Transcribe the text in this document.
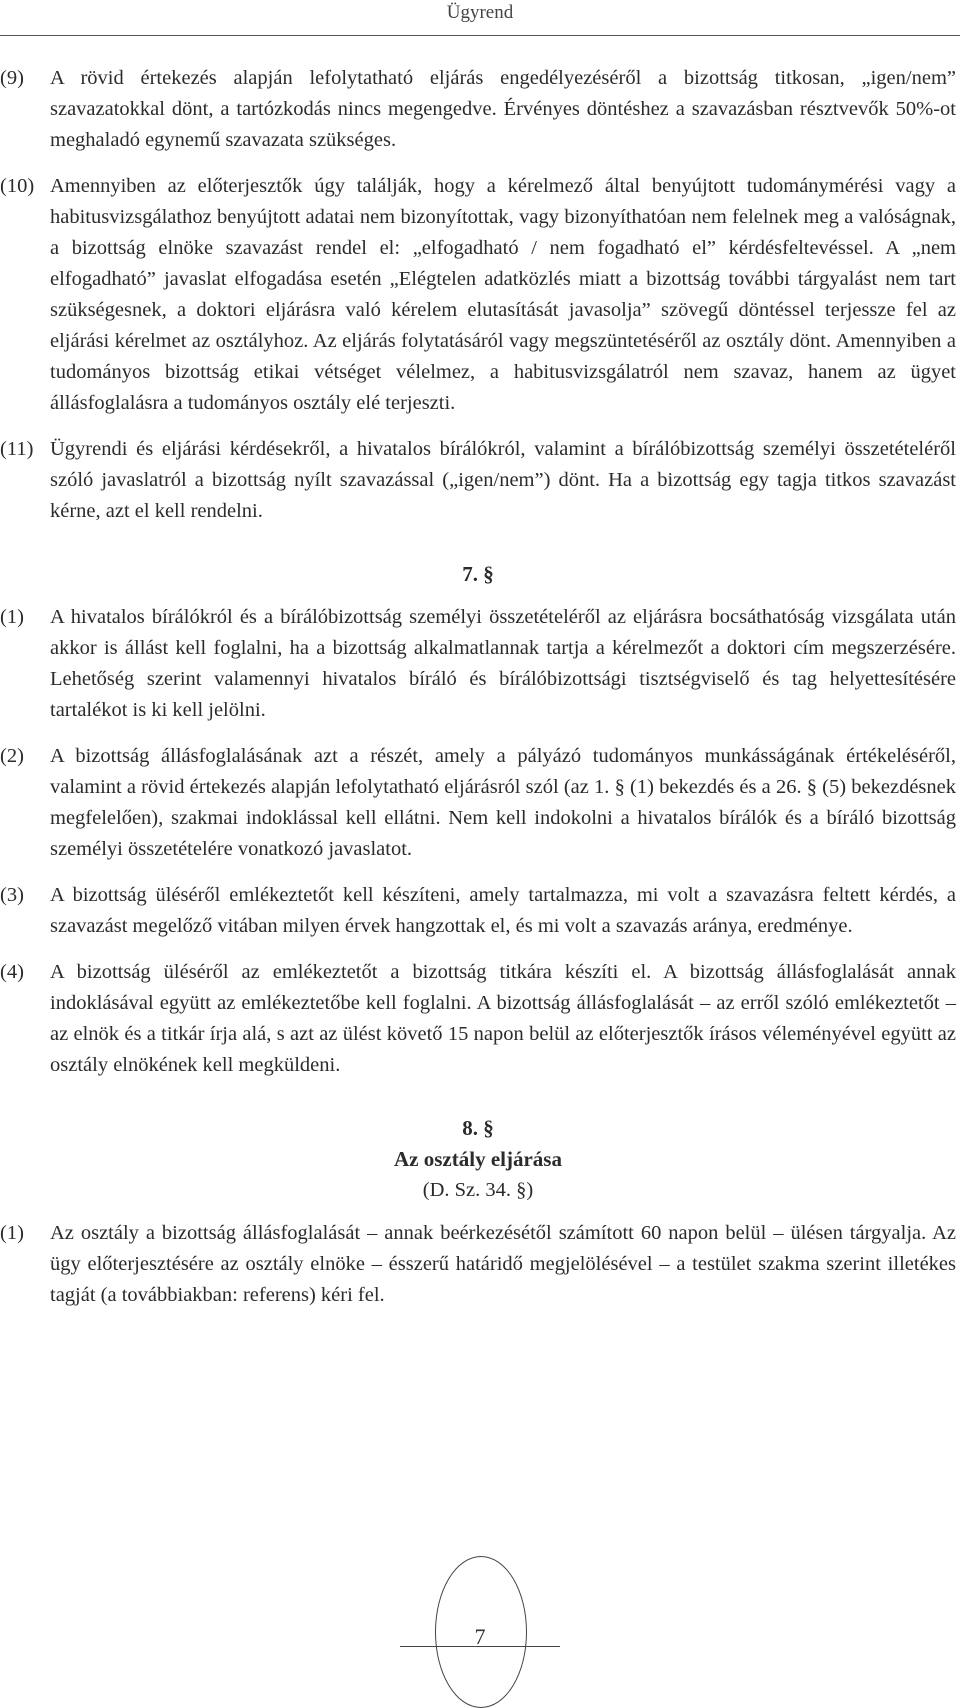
Ügyrend

(9) A rövid értekezés alapján lefolytatható eljárás engedélyezéséről a bizottság titkosan, „igen/nem” szavazatokkal dönt, a tartózkodás nincs megengedve. Érvényes döntéshez a szavazásban résztvevők 50%-ot meghaladó egynemű szavazata szükséges.

(10) Amennyiben az előterjesztők úgy találják, hogy a kérelmező által benyújtott tudománymérési vagy a habitusvizsgálathoz benyújtott adatai nem bizonyítottak, vagy bizonyíthatóan nem felelnek meg a valóságnak, a bizottság elnöke szavazást rendel el: „elfogadható / nem fogadható el” kérdésfeltevéssel. A „nem elfogadható” javaslat elfogadása esetén „Elégtelen adatközlés miatt a bizottság további tárgyalást nem tart szükségesnek, a doktori eljárásra való kérelem elutasítását javasolja” szövegű döntéssel terjessze fel az eljárási kérelmet az osztályhoz. Az eljárás folytatásáról vagy megszüntetéséről az osztály dönt. Amennyiben a tudományos bizottság etikai vétséget vélelmez, a habitusvizsgálatról nem szavaz, hanem az ügyet állásfoglalásra a tudományos osztály elé terjeszti.

(11) Ügyrendi és eljárási kérdésekről, a hivatalos bírálókról, valamint a bírálóbizottság személyi összetételéről szóló javaslatról a bizottság nyílt szavazással („igen/nem”) dönt. Ha a bizottság egy tagja titkos szavazást kérne, azt el kell rendelni.

7. §

(1) A hivatalos bírálókról és a bírálóbizottság személyi összetételéről az eljárásra bocsáthatóság vizsgálata után akkor is állást kell foglalni, ha a bizottság alkalmatlannak tartja a kérelmezőt a doktori cím megszerzésére. Lehetőség szerint valamennyi hivatalos bíráló és bírálóbizottsági tisztségviselő és tag helyettesítésére tartalékot is ki kell jelölni.

(2) A bizottság állásfoglalásának azt a részét, amely a pályázó tudományos munkásságának értékeléséről, valamint a rövid értekezés alapján lefolytatható eljárásról szól (az 1. § (1) bekezdés és a 26. § (5) bekezdésnek megfelelően), szakmai indoklással kell ellátni. Nem kell indokolni a hivatalos bírálók és a bíráló bizottság személyi összetételére vonatkozó javaslatot.

(3) A bizottság üléséről emlékeztetőt kell készíteni, amely tartalmazza, mi volt a szavazásra feltett kérdés, a szavazást megelőző vitában milyen érvek hangzottak el, és mi volt a szavazás aránya, eredménye.

(4) A bizottság üléséről az emlékeztetőt a bizottság titkára készíti el. A bizottság állásfoglalását annak indoklásával együtt az emlékeztetőbe kell foglalni. A bizottság állásfoglalását – az erről szóló emlékeztetőt – az elnök és a titkár írja alá, s azt az ülést követő 15 napon belül az előterjesztők írásos véleményével együtt az osztály elnökének kell megküldeni.

8. §

Az osztály eljárása

(D. Sz. 34. §)

(1) Az osztály a bizottság állásfoglalását – annak beérkezésétől számított 60 napon belül – ülésen tárgyalja. Az ügy előterjesztésére az osztály elnöke – ésszerű határidő megjelölésével – a testület szakma szerint illetékes tagját (a továbbiakban: referens) kéri fel.

7
